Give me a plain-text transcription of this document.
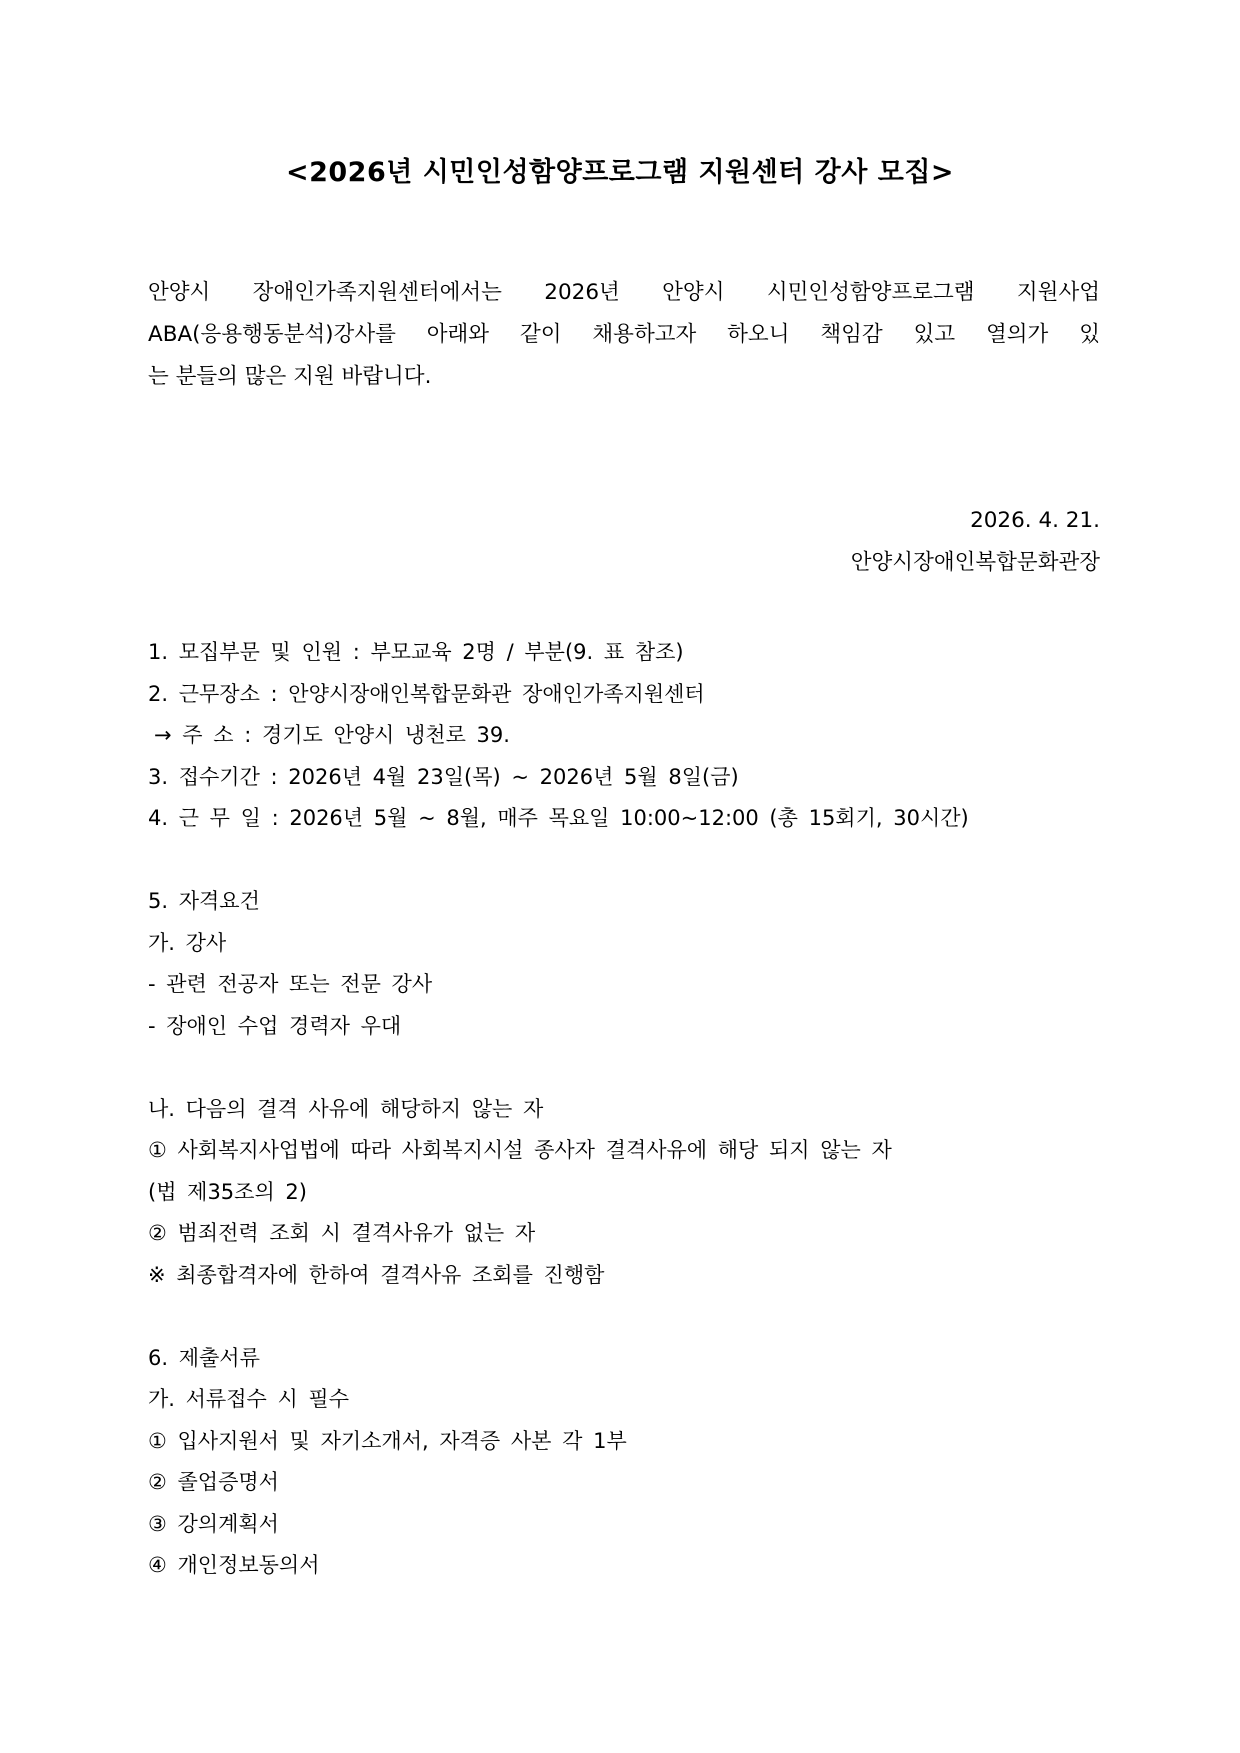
<2026년 시민인성함양프로그램 지원센터 강사 모집>
안양시 장애인가족지원센터에서는 2026년 안양시 시민인성함양프로그램 지원사업
ABA(응용행동분석)강사를 아래와 같이 채용하고자 하오니 책임감 있고 열의가 있
는 분들의 많은 지원 바랍니다.
2026. 4. 21.
안양시장애인복합문화관장
1. 모집부문 및 인원 : 부모교육 2명 / 부분(9. 표 참조)
2. 근무장소 : 안양시장애인복합문화관 장애인가족지원센터
→ 주 소 : 경기도 안양시 냉천로 39.
3. 접수기간 : 2026년 4월 23일(목) ~ 2026년 5월 8일(금)
4. 근 무 일 : 2026년 5월 ~ 8월, 매주 목요일 10:00~12:00 (총 15회기, 30시간)
5. 자격요건
가. 강사
- 관련 전공자 또는 전문 강사
- 장애인 수업 경력자 우대
나. 다음의 결격 사유에 해당하지 않는 자
① 사회복지사업법에 따라 사회복지시설 종사자 결격사유에 해당 되지 않는 자
(법 제35조의 2)
② 범죄전력 조회 시 결격사유가 없는 자
※ 최종합격자에 한하여 결격사유 조회를 진행함
6. 제출서류
가. 서류접수 시 필수
① 입사지원서 및 자기소개서, 자격증 사본 각 1부
② 졸업증명서
③ 강의계획서
④ 개인정보동의서
